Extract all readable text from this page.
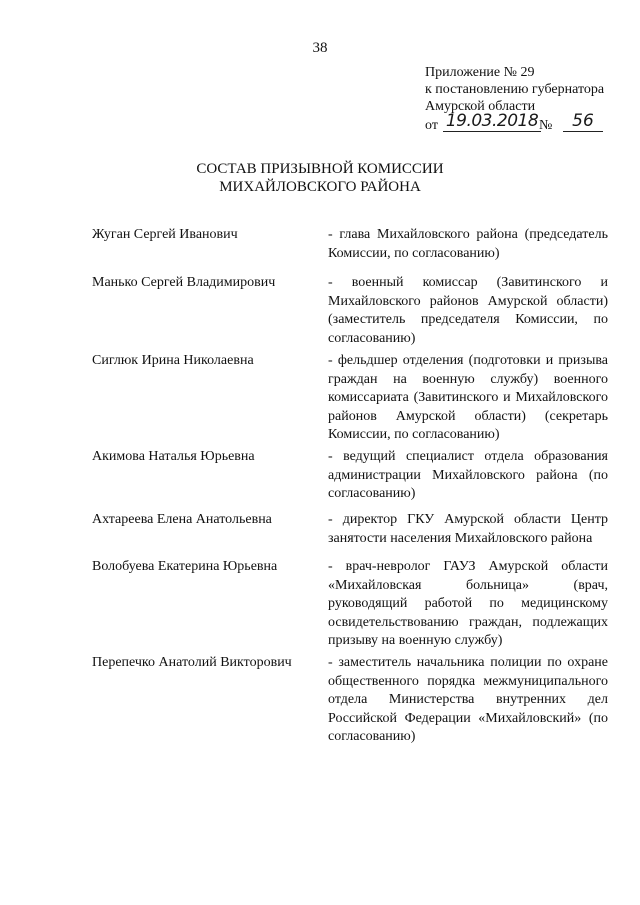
38
Приложение № 29
к постановлению губернатора
Амурской области
от 19.03.2018 №	56
СОСТАВ ПРИЗЫВНОЙ КОМИССИИ
МИХАЙЛОВСКОГО РАЙОНА
Жуган Сергей Иванович	- глава Михайловского района (председатель Комиссии, по согласованию)
Манько Сергей Владимирович	- военный комиссар (Завитинского и Михайловского районов Амурской области) (заместитель председателя Комиссии, по согласованию)
Сиглюк Ирина Николаевна	- фельдшер отделения (подготовки и призыва граждан на военную службу) военного комиссариата (Завитинского и Михайловского районов Амурской области) (секретарь Комиссии, по согласованию)
Акимова Наталья Юрьевна	- ведущий специалист отдела образования администрации Михайловского района (по согласованию)
Ахтареева Елена Анатольевна	- директор ГКУ Амурской области Центр занятости населения Михайловского района
Волобуева Екатерина Юрьевна	- врач-невролог ГАУЗ Амурской области «Михайловская больница» (врач, руководящий работой по медицинскому освидетельствованию граждан, подлежащих призыву на военную службу)
Перепечко Анатолий Викторович	- заместитель начальника полиции по охране общественного порядка межмуниципального отдела Министерства внутренних дел Российской Федерации «Михайловский» (по согласованию)
